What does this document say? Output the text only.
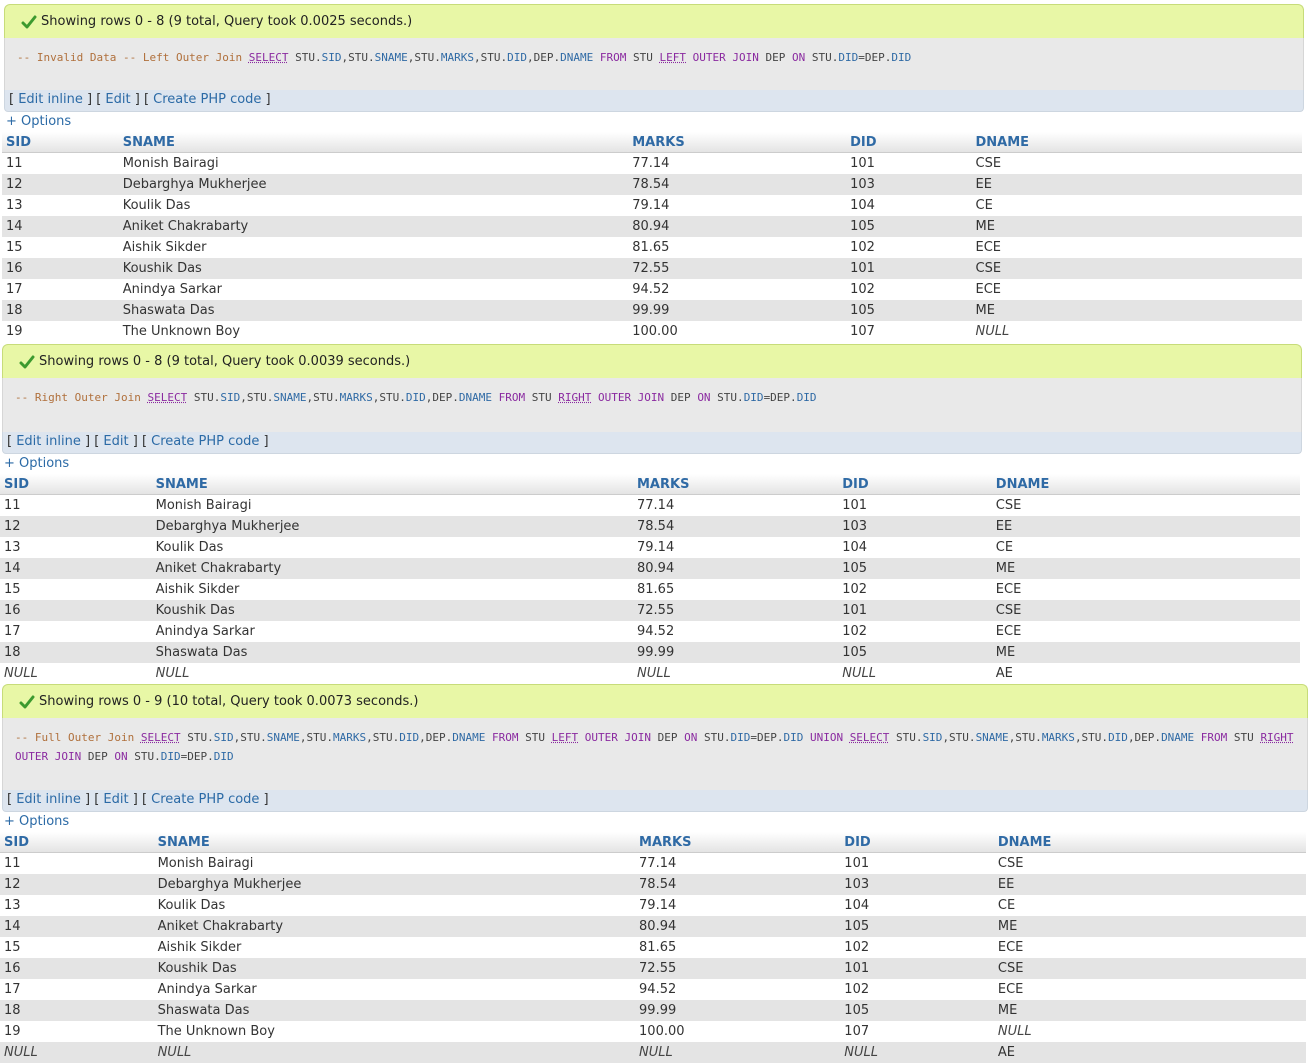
Showing rows 0 - 8 (9 total, Query took 0.0025 seconds.)
-- Invalid Data -- Left Outer Join SELECT STU.SID,STU.SNAME,STU.MARKS,STU.DID,DEP.DNAME FROM STU LEFT OUTER JOIN DEP ON STU.DID=DEP.DID
[ Edit inline ] [ Edit ] [ Create PHP code ]
+ Options
SID	SNAME	MARKS	DID	DNAME
11	Monish Bairagi	77.14	101	CSE
12	Debarghya Mukherjee	78.54	103	EE
13	Koulik Das	79.14	104	CE
14	Aniket Chakrabarty	80.94	105	ME
15	Aishik Sikder	81.65	102	ECE
16	Koushik Das	72.55	101	CSE
17	Anindya Sarkar	94.52	102	ECE
18	Shaswata Das	99.99	105	ME
19	The Unknown Boy	100.00	107	NULL
Showing rows 0 - 8 (9 total, Query took 0.0039 seconds.)
-- Right Outer Join SELECT STU.SID,STU.SNAME,STU.MARKS,STU.DID,DEP.DNAME FROM STU RIGHT OUTER JOIN DEP ON STU.DID=DEP.DID
[ Edit inline ] [ Edit ] [ Create PHP code ]
+ Options
SID	SNAME	MARKS	DID	DNAME
11	Monish Bairagi	77.14	101	CSE
12	Debarghya Mukherjee	78.54	103	EE
13	Koulik Das	79.14	104	CE
14	Aniket Chakrabarty	80.94	105	ME
15	Aishik Sikder	81.65	102	ECE
16	Koushik Das	72.55	101	CSE
17	Anindya Sarkar	94.52	102	ECE
18	Shaswata Das	99.99	105	ME
NULL	NULL	NULL	NULL	AE
Showing rows 0 - 9 (10 total, Query took 0.0073 seconds.)
-- Full Outer Join SELECT STU.SID,STU.SNAME,STU.MARKS,STU.DID,DEP.DNAME FROM STU LEFT OUTER JOIN DEP ON STU.DID=DEP.DID UNION SELECT STU.SID,STU.SNAME,STU.MARKS,STU.DID,DEP.DNAME FROM STU RIGHT OUTER JOIN DEP ON STU.DID=DEP.DID
[ Edit inline ] [ Edit ] [ Create PHP code ]
+ Options
SID	SNAME	MARKS	DID	DNAME
11	Monish Bairagi	77.14	101	CSE
12	Debarghya Mukherjee	78.54	103	EE
13	Koulik Das	79.14	104	CE
14	Aniket Chakrabarty	80.94	105	ME
15	Aishik Sikder	81.65	102	ECE
16	Koushik Das	72.55	101	CSE
17	Anindya Sarkar	94.52	102	ECE
18	Shaswata Das	99.99	105	ME
19	The Unknown Boy	100.00	107	NULL
NULL	NULL	NULL	NULL	AE
